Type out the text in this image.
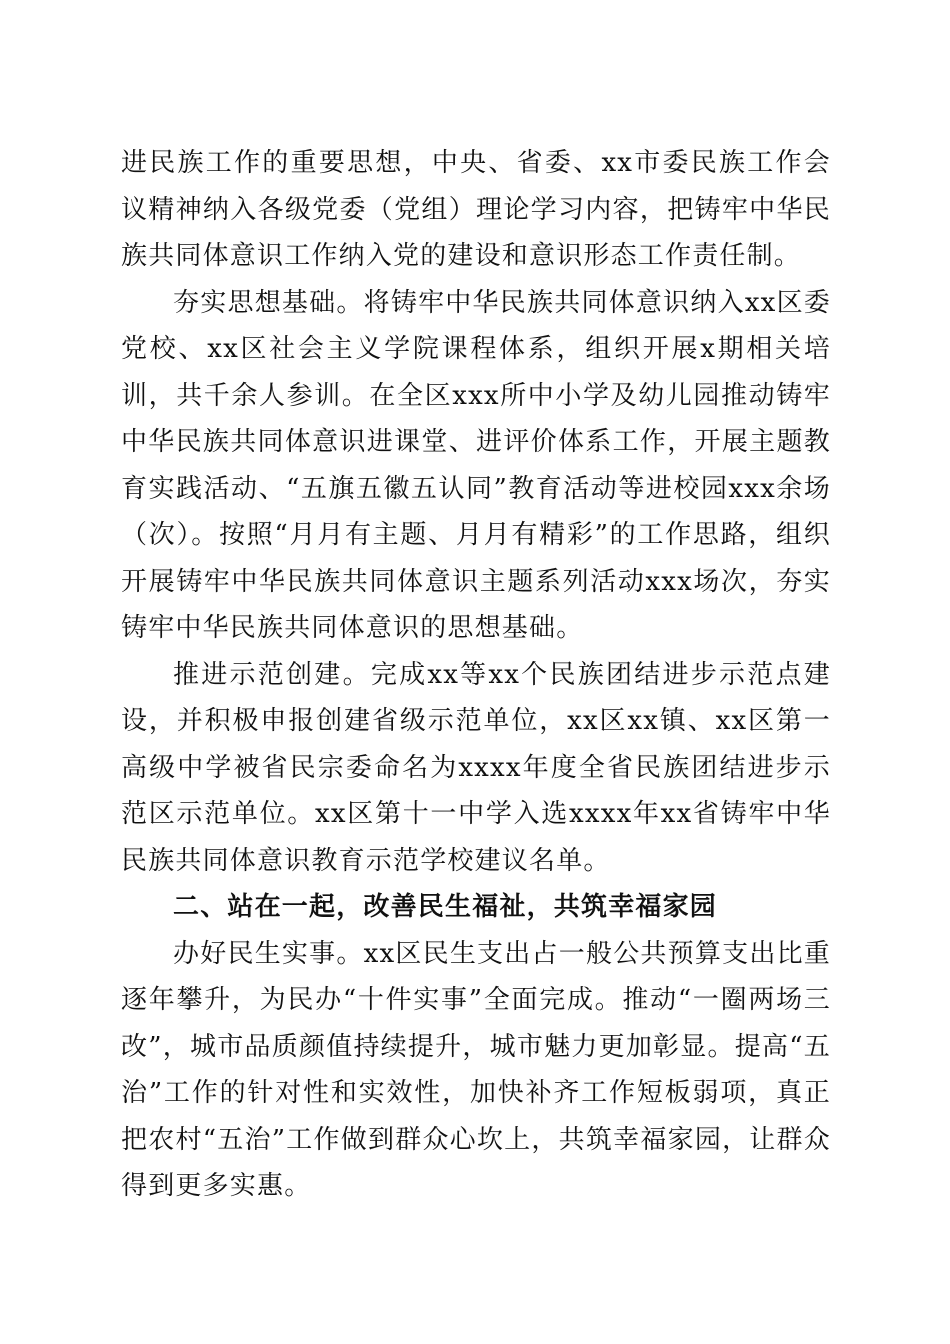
进民族工作的重要思想，中央、省委、xx市委民族工作会议精神纳入各级党委（党组）理论学习内容，把铸牢中华民族共同体意识工作纳入党的建设和意识形态工作责任制。

夯实思想基础。将铸牢中华民族共同体意识纳入xx区委党校、xx区社会主义学院课程体系，组织开展x期相关培训，共千余人参训。在全区xxx所中小学及幼儿园推动铸牢中华民族共同体意识进课堂、进评价体系工作，开展主题教育实践活动、“五旗五徽五认同”教育活动等进校园xxx余场（次）。按照“月月有主题、月月有精彩”的工作思路，组织开展铸牢中华民族共同体意识主题系列活动xxx场次，夯实铸牢中华民族共同体意识的思想基础。

推进示范创建。完成xx等xx个民族团结进步示范点建设，并积极申报创建省级示范单位，xx区xx镇、xx区第一高级中学被省民宗委命名为xxxx年度全省民族团结进步示范区示范单位。xx区第十一中学入选xxxx年xx省铸牢中华民族共同体意识教育示范学校建议名单。

二、站在一起，改善民生福祉，共筑幸福家园

办好民生实事。xx区民生支出占一般公共预算支出比重逐年攀升，为民办“十件实事”全面完成。推动“一圈两场三改”，城市品质颜值持续提升，城市魅力更加彰显。提高“五治”工作的针对性和实效性，加快补齐工作短板弱项，真正把农村“五治”工作做到群众心坎上，共筑幸福家园，让群众得到更多实惠。
